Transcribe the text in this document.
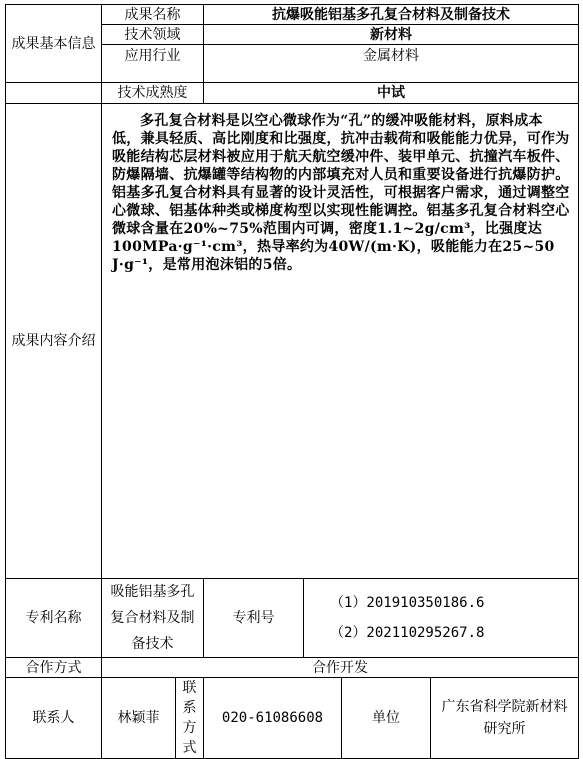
成果基本信息	成果名称		抗爆吸能铝基多孔复合材料及制备技术			
	技术领域		新材料			
	应用行业		金属材料			
	技术成熟度		中试			
成果内容介绍	多孔复合材料是以空心微球作为“孔”的缓冲吸能材料，原料成本低，兼具轻质、高比刚度和比强度，抗冲击载荷和吸能能力优异，可作为吸能结构芯层材料被应用于航天航空缓冲件、装甲单元、抗撞汽车板件、防爆隔墙、抗爆罐等结构物的内部填充对人员和重要设备进行抗爆防护。铝基多孔复合材料具有显著的设计灵活性，可根据客户需求，通过调整空心微球、铝基体种类或梯度构型以实现性能调控。铝基多孔复合材料空心微球含量在20%~75%范围内可调，密度1.1~2g/cm³，比强度达100MPa·g⁻¹·cm³，热导率约为40W/(m·K)，吸能能力在25~50 J·g⁻¹，是常用泡沫铝的5倍。					
专利名称	吸能铝基多孔复合材料及制备技术		专利号	（1）201910350186.6
（2）202110295267.8		

合作方式	合作开发					
联系人	林颖菲	联系方式	020-61086608		单位	广东省科学院新材料研究所
